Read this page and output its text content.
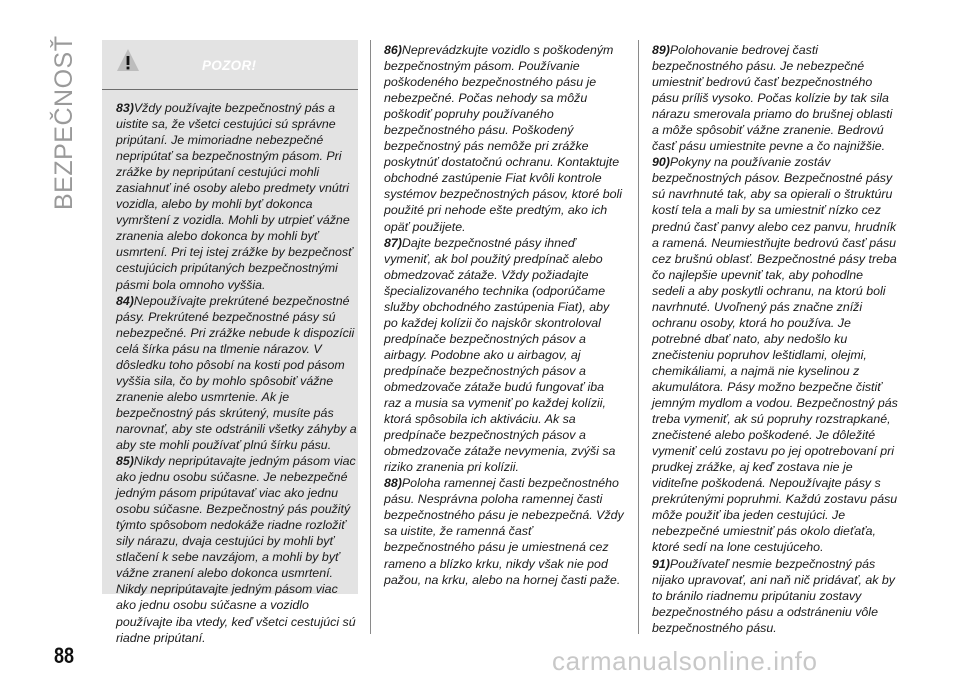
BEZPEČNOSŤ	POZOR!

83)Vždy používajte bezpečnostný pás a uistite sa, že všetci cestujúci sú správne pripútaní. Je mimoriadne nebezpečné nepripútať sa bezpečnostným pásom. Pri zrážke by nepripútaní cestujúci mohli zasiahnuť iné osoby alebo predmety vnútri vozidla, alebo by mohli byť dokonca vymrštení z vozidla. Mohli by utrpieť vážne zranenia alebo dokonca by mohli byť usmrtení. Pri tej istej zrážke by bezpečnosť cestujúcich pripútaných bezpečnostnými pásmi bola omnoho vyššia.

84)Nepoužívajte prekrútené bezpečnostné pásy. Prekrútené bezpečnostné pásy sú nebezpečné. Pri zrážke nebude k dispozícii celá šírka pásu na tlmenie nárazov. V dôsledku toho pôsobí na kosti pod pásom vyššia sila, čo by mohlo spôsobiť vážne zranenie alebo usmrtenie. Ak je bezpečnostný pás skrútený, musíte pás narovnať, aby ste odstránili všetky záhyby a aby ste mohli používať plnú šírku pásu.

85)Nikdy nepripútavajte jedným pásom viac ako jednu osobu súčasne. Je nebezpečné jedným pásom pripútavať viac ako jednu osobu súčasne. Bezpečnostný pás použitý týmto spôsobom nedokáže riadne rozložiť sily nárazu, dvaja cestujúci by mohli byť stlačení k sebe navzájom, a mohli by byť vážne zranení alebo dokonca usmrtení. Nikdy nepripútavajte jedným pásom viac ako jednu osobu súčasne a vozidlo používajte iba vtedy, keď všetci cestujúci sú riadne pripútaní.

86)Neprevádzkujte vozidlo s poškodeným bezpečnostným pásom. Používanie poškodeného bezpečnostného pásu je nebezpečné. Počas nehody sa môžu poškodiť popruhy používaného bezpečnostného pásu. Poškodený bezpečnostný pás nemôže pri zrážke poskytnúť dostatočnú ochranu. Kontaktujte obchodné zastúpenie Fiat kvôli kontrole systémov bezpečnostných pásov, ktoré boli použité pri nehode ešte predtým, ako ich opäť použijete.

87)Dajte bezpečnostné pásy ihneď vymeniť, ak bol použitý predpínač alebo obmedzovač zátaže. Vždy požiadajte špecializovaného technika (odporúčame služby obchodného zastúpenia Fiat), aby po každej kolízii čo najskôr skontroloval predpínače bezpečnostných pásov a airbagy. Podobne ako u airbagov, aj predpínače bezpečnostných pásov a obmedzovače zátaže budú fungovať iba raz a musia sa vymeniť po každej kolízii, ktorá spôsobila ich aktiváciu. Ak sa predpínače bezpečnostných pásov a obmedzovače zátaže nevymenia, zvýši sa riziko zranenia pri kolízii.

88)Poloha ramennej časti bezpečnostného pásu. Nesprávna poloha ramennej časti bezpečnostného pásu je nebezpečná. Vždy sa uistite, že ramenná časť bezpečnostného pásu je umiestnená cez rameno a blízko krku, nikdy však nie pod pažou, na krku, alebo na hornej časti paže.

89)Polohovanie bedrovej časti bezpečnostného pásu. Je nebezpečné umiestniť bedrovú časť bezpečnostného pásu príliš vysoko. Počas kolízie by tak sila nárazu smerovala priamo do brušnej oblasti a môže spôsobiť vážne zranenie. Bedrovú časť pásu umiestnite pevne a čo najnižšie.

90)Pokyny na používanie zostáv bezpečnostných pásov. Bezpečnostné pásy sú navrhnuté tak, aby sa opierali o štruktúru kostí tela a mali by sa umiestniť nízko cez prednú časť panvy alebo cez panvu, hrudník a ramená. Neumiestňujte bedrovú časť pásu cez brušnú oblasť. Bezpečnostné pásy treba čo najlepšie upevniť tak, aby pohodlne sedeli a aby poskytli ochranu, na ktorú boli navrhnuté. Uvoľnený pás značne zníži ochranu osoby, ktorá ho používa. Je potrebné dbať nato, aby nedošlo ku znečisteniu popruhov leštidlami, olejmi, chemikáliami, a najmä nie kyselinou z akumulátora. Pásy možno bezpečne čistiť jemným mydlom a vodou. Bezpečnostný pás treba vymeniť, ak sú popruhy rozstrapkané, znečistené alebo poškodené. Je dôležité vymeniť celú zostavu po jej opotrebovaní pri prudkej zrážke, aj keď zostava nie je viditeľne poškodená. Nepoužívajte pásy s prekrútenými popruhmi. Každú zostavu pásu môže použiť iba jeden cestujúci. Je nebezpečné umiestniť pás okolo dieťaťa, ktoré sedí na lone cestujúceho.

91)Používateľ nesmie bezpečnostný pás nijako upravovať, ani naň nič pridávať, ak by to bránilo riadnemu pripútaniu zostavy bezpečnostného pásu a odstráneniu vôle bezpečnostného pásu.

88	carmanualsonline.info
